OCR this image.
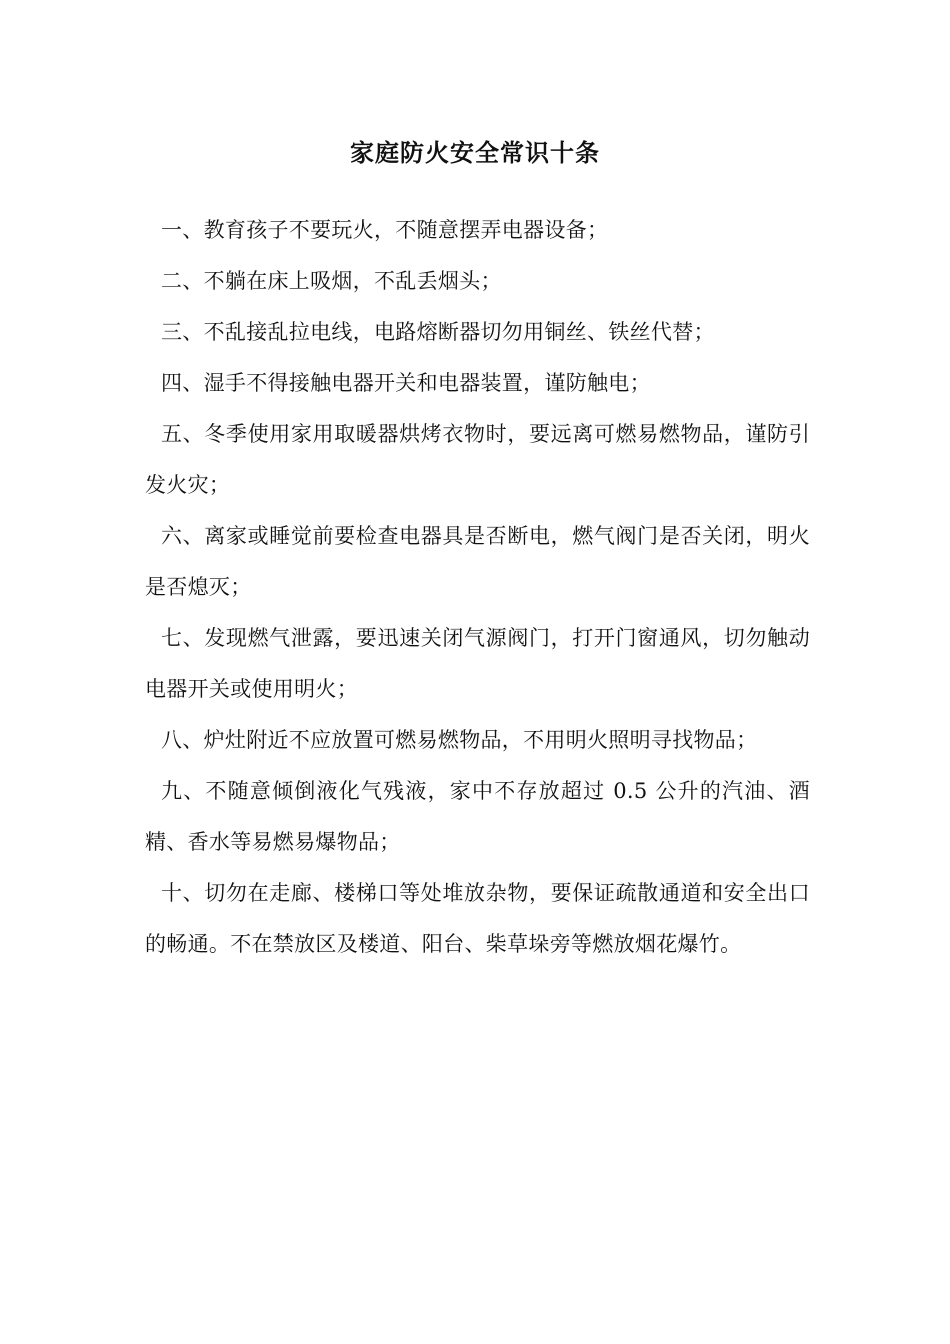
家庭防火安全常识十条
一、教育孩子不要玩火，不随意摆弄电器设备；
二、不躺在床上吸烟，不乱丢烟头；
三、不乱接乱拉电线，电路熔断器切勿用铜丝、铁丝代替；
四、湿手不得接触电器开关和电器装置，谨防触电；
五、冬季使用家用取暖器烘烤衣物时，要远离可燃易燃物品，谨防引发火灾；
六、离家或睡觉前要检查电器具是否断电，燃气阀门是否关闭，明火是否熄灭；
七、发现燃气泄露，要迅速关闭气源阀门，打开门窗通风，切勿触动电器开关或使用明火；
八、炉灶附近不应放置可燃易燃物品，不用明火照明寻找物品；
九、不随意倾倒液化气残液，家中不存放超过 0.5 公升的汽油、酒精、香水等易燃易爆物品；
十、切勿在走廊、楼梯口等处堆放杂物，要保证疏散通道和安全出口的畅通。不在禁放区及楼道、阳台、柴草垛旁等燃放烟花爆竹。
